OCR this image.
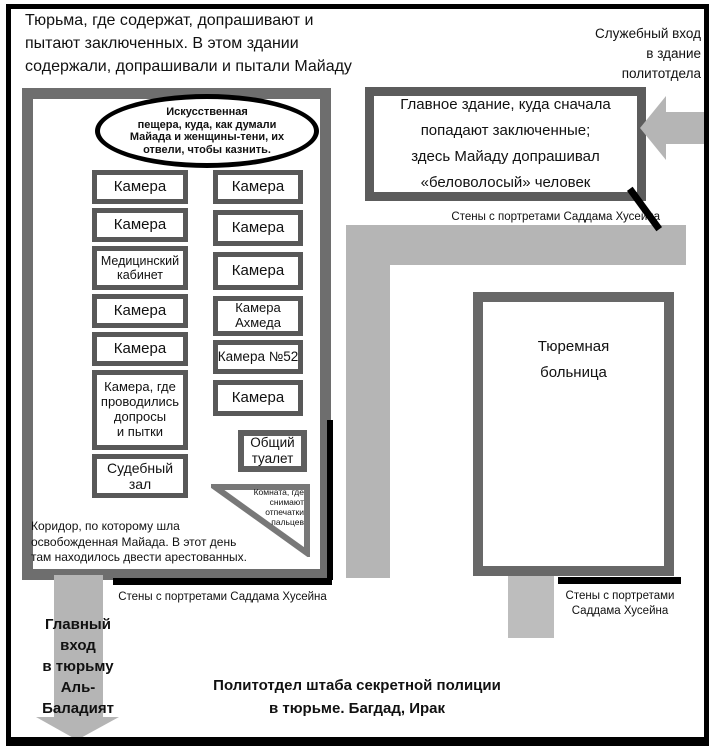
Тюрьма, где содержат, допрашивают и
пытают заключенных. В этом здании
содержали, допрашивали и пытали Майаду
Служебный вход
в здание
политотдела
Главное здание, куда сначала
попадают заключенные;
здесь Майаду допрашивал
«беловолосый» человек
Стены с портретами Саддама Хусейна
Искусственная
пещера, куда, как думали
Майада и женщины-тени, их
отвели, чтобы казнить.
Камера
Камера
Медицинский
кабинет
Камера
Камера
Камера, где
проводились
допросы
и пытки
Судебный
зал
Камера
Камера
Камера
Камера
Ахмеда
Камера №52
Камера
Общий
туалет
Комната, где
снимают
отпечатки
пальцев
Коридор, по которому шла
освобожденная Майада. В этот день
там находилось двести арестованных.
Стены с портретами Саддама Хусейна
Главный
вход
в тюрьму
Аль-
Баладият
Тюремная
больница
Стены с портретами
Саддама Хусейна
Политотдел штаба секретной полиции
в тюрьме. Багдад, Ирак
